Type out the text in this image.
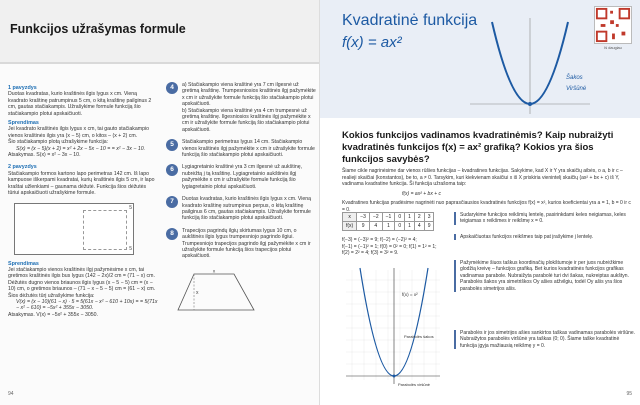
Funkcijos užrašymas formule
1 pavyzdys
Duotas kvadratas, kurio kraštinės ilgis lygus x cm. Vieną kvadrato kraštinę patrumpinus 5 cm, o kitą kraštinę pailginus 2 cm, gautas stačiakampis. Užrašykime formule funkciją šio stačiakampio plotui apskaičiuoti.
Sprendimas
Jei kvadrato kraštinės ilgis lygus x cm, tai gauto stačiakampio vienos kraštinės ilgis yra (x − 5) cm, o kitos – (x + 2) cm.
Šio stačiakampio plotą užrašykime funkcija:
S(x) = (x − 5)(x + 2) = x² + 2x − 5x − 10 = = x² − 3x − 10.
Atsakymas. S(x) = x² − 3x − 10.
2 pavyzdys
Stačiakampio formos kartono lapo perimetras 142 cm. Iš lapo kampuose iškerpami kvadratai, kurių kraštinės ilgis 5 cm, ir lapo kraštai užlenkiami – gaunama dėžutė. Funkcija šios dėžutės tūriui apskaičiuoti užrašykime formule.
5
5
Sprendimas
Jei stačiakampio vienos kraštinės ilgį pažymėsime x cm, tai gretimos kraštinės ilgis bus lygus (142 − 2x)/2 cm = (71 − x) cm. Dėžutės dugno vienos briaunos ilgis lygus (x − 5 − 5) cm = (x − 10) cm, o gretimos briaunos – (71 − x − 5 − 5) cm = (61 − x) cm.
Šios dėžutės tūrį užrašykime funkcija:
V(x) = (x − 10)(61 − x) · 5 = 5(61x − x² − 610 + 10x) = = 5(71x − x² − 610) = −5x² + 355x − 3050.
Atsakymas. V(x) = −5x² + 355x − 3050.
4	a) Stačiakampio viena kraštinė yra 7 cm ilgesnė už gretimą kraštinę. Trumpesniosios kraštinės ilgį pažymėkite x cm ir užrašykite formule funkciją šio stačiakampio plotui apskaičiuoti.
b) Stačiakampio viena kraštinė yra 4 cm trumpesnė už gretimą kraštinę. Ilgesniosios kraštinės ilgį pažymėkite x cm ir užrašykite formule funkciją šio stačiakampio plotui apskaičiuoti.
5	Stačiakampio perimetras lygus 14 cm. Stačiakampio vienos kraštinės ilgį pažymėkite x cm ir užrašykite formule funkciją šio stačiakampio plotui apskaičiuoti.
6	Lygiagretainio kraštinė yra 3 cm ilgesnė už aukštinę, nubrėžtą į tą kraštinę. Lygiagretainio aukštinės ilgį pažymėkite x cm ir užrašykite formule funkciją šio lygiagretainio plotui apskaičiuoti.
7	Duotas kvadratas, kurio kraštinės ilgis lygus x cm. Vieną kvadrato kraštinę sutrumpinus perpus, o kitą kraštinę pailginus 6 cm, gautas stačiakampis. Užrašykite formule funkciją šio stačiakampio plotui apskaičiuoti.
8	Trapecijos pagrindų ilgių skirtumas lygus 10 cm, o aukštinės ilgis lygus trumpesniojo pagrindo ilgiui. Trumpesniojo trapecijos pagrindo ilgį pažymėkite x cm ir užrašykite formule funkciją šios trapecijos plotui apskaičiuoti.
x
x
94
Kvadratinė funkcija
f(x) = ax²
Šakos
Viršūnė
Iš daugiau
Kokios funkcijos vadinamos kvadratinėmis? Kaip nubraižyti kvadratinės funkcijos f(x) = ax² grafiką? Kokios yra šios funkcijos savybės?

Šiame cikle nagrinėsime dar vienos rūšies funkcijas – kvadratines funkcijas. Sakykime, kad X ir Y yra skaičių aibės, o a, b ir c – realieji skaičiai (konstantos), be to, a ≠ 0. Tarsykim, kuri kiekvienam skaičiui x iš X priskiria vienintelį skaičių (ax² + bx + c) iš Y, vadinama kvadratine funkcija. Ši funkcija užrašoma taip:

f(x) = ax² + bx + c

Kvadratines funkcijas pradėsime nagrinėti nuo paprasčiausios kvadratinės funkcijos f(x) = x², kurios koeficientai yra a = 1, b = 0 ir c = 0.

x	−3	−2	−1	0	1	2	3
f(x)	9	4	1	0	1	4	9
f(−3) = (−3)² = 9; f(−2) = (−2)² = 4;
f(−1) = (−1)² = 1; f(0) = 0² = 0; f(1) = 1² = 1;
f(2) = 2² = 4; f(3) = 3² = 9.
f(x) = x²
Parabolės šakos
Parabolės viršūnė
Sudarykime funkcijos reikšmių lentelę, pasirinkdami keles neigiamas, keles teigiamas x reikšmes ir reikšmę x = 0.
Apskaičiuotas funkcijos reikšmes taip pat įrašykime į lentelę.
Pažymėkime šiuos taškus koordinačių plokštumoje ir per juos nubrėžkime glodžią kreivę – funkcijos grafiką. Bet kurios kvadratinės funkcijos grafikas vadinamas parabole. Nubraižyta parabolė turi dvi šakas, nukreiptas aukštyn. Parabolės šakos yra simetriškos Oy ašies atžvilgiu, todėl Oy ašis yra šios parabolės simetrijos ašis.
Parabolės ir jos simetrijos ašies sankirtos taškas vadinamas parabolės viršūne. Nubraižytos parabolės viršūnė yra taškas (0; 0). Šiame taške kvadratinė funkcija įgyja mažiausią reikšmę y = 0.
95
